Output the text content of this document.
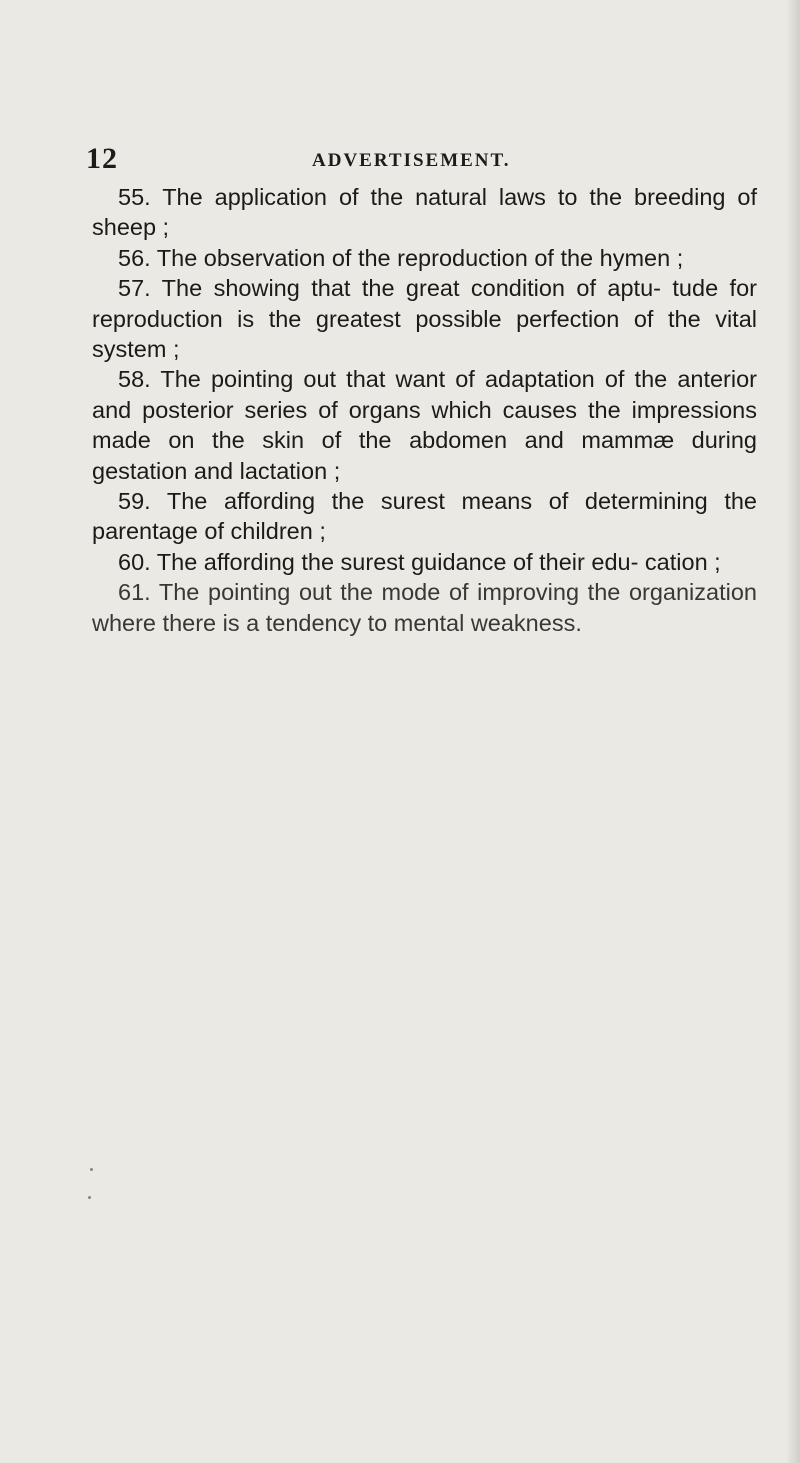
12	ADVERTISEMENT.

55. The application of the natural laws to the breeding of sheep ;

56. The observation of the reproduction of the hymen ;

57. The showing that the great condition of aptu- tude for reproduction is the greatest possible perfection of the vital system ;

58. The pointing out that want of adaptation of the anterior and posterior series of organs which causes the impressions made on the skin of the abdomen and mammæ during gestation and lactation ;

59. The affording the surest means of determining the parentage of children ;

60. The affording the surest guidance of their edu- cation ;

61. The pointing out the mode of improving the organization where there is a tendency to mental weakness.
